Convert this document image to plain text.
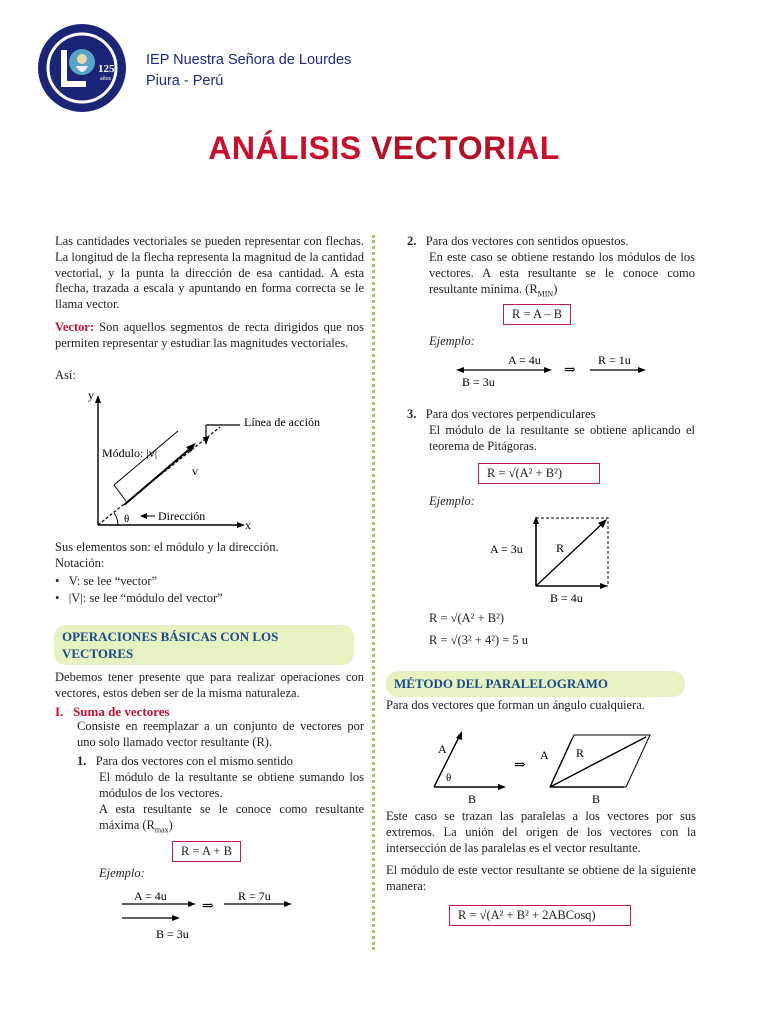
125
años
IEP Nuestra Señora de Lourdes
Piura - Perú
ANÁLISIS VECTORIAL
Las cantidades vectoriales se pueden representar con flechas. La longitud de la flecha representa la magnitud de la cantidad vectorial, y la punta la dirección de esa cantidad. A esta flecha, trazada a escala y apuntando en forma correcta se le llama vector.
Vector: Son aquellos segmentos de recta dirigidos que nos permiten representar y estudiar las magnitudes vectoriales.
Así:
y
x
Línea de acción
Módulo: |v|
v
θ Dirección
Sus elementos son: el módulo y la dirección.
Notación:
•   V: se lee “vector”
•   |V|: se lee “módulo del vector”
OPERACIONES BÁSICAS CON LOS VECTORES
Debemos tener presente que para realizar operaciones con vectores, estos deben ser de la misma naturaleza.
I. Suma de vectores
Consiste en reemplazar a un conjunto de vectores por uno solo llamado vector resultante (R).
1. Para dos vectores con el mismo sentido
El módulo de la resultante se obtiene sumando los módulos de los vectores.
A esta resultante se le conoce como resultante máxima $(R_{max})$
R = A + B
Ejemplo:
A = 4u
B = 3u
⇒
R = 7u
2. Para dos vectores con sentidos opuestos.
En este caso se obtiene restando los módulos de los vectores. A esta resultante se le conoce como resultante mínima. $(R_{MIN})$
R = A – B
Ejemplo:
A = 4u
B = 3u
⇒
R = 1u
3. Para dos vectores perpendiculares
El módulo de la resultante se obtiene aplicando el teorema de Pitágoras.
R = √(A² + B²)
Ejemplo:
A = 3u	R
B = 4u
R = √(A² + B²)
R = √(3² + 4²) = 5 u
MÉTODO DEL PARALELOGRAMO
Para dos vectores que forman un ángulo cualquiera.
A
θ
B
⇒
A R
B
Este caso se trazan las paralelas a los vectores por sus extremos. La unión del origen de los vectores con la intersección de las paralelas es el vector resultante.
El módulo de este vector resultante se obtiene de la siguiente manera:
R = √(A² + B² + 2ABCosq)
